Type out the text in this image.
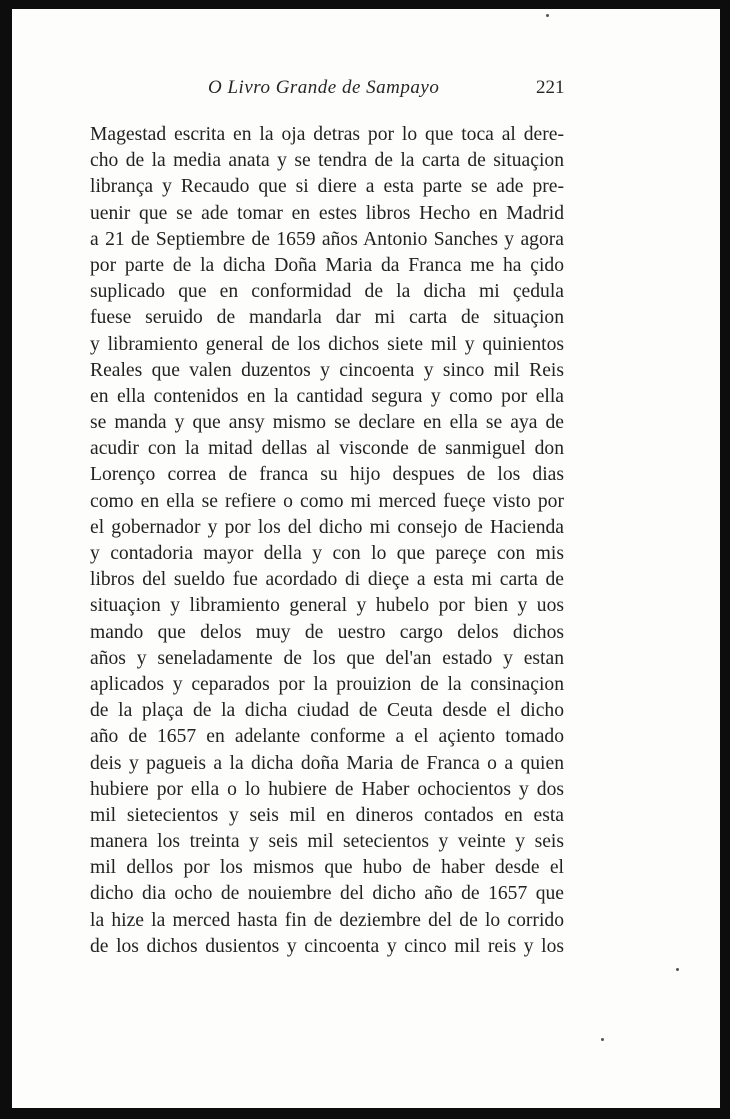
O Livro Grande de Sampayo	221
Magestad escrita en la oja detras por lo que toca al dere-
cho de la media anata y se tendra de la carta de situaçion
librança y Recaudo que si diere a esta parte se ade pre-
uenir que se ade tomar en estes libros Hecho en Madrid
a 21 de Septiembre de 1659 años Antonio Sanches y agora
por parte de la dicha Doña Maria da Franca me ha çido
suplicado que en conformidad de la dicha mi çedula
fuese seruido de mandarla dar mi carta de situaçion
y libramiento general de los dichos siete mil y quinientos
Reales que valen duzentos y cincoenta y sinco mil Reis
en ella contenidos en la cantidad segura y como por ella
se manda y que ansy mismo se declare en ella se aya de
acudir con la mitad dellas al visconde de sanmiguel don
Lorenço correa de franca su hijo despues de los dias
como en ella se refiere o como mi merced fueçe visto por
el gobernador y por los del dicho mi consejo de Hacienda
y contadoria mayor della y con lo que pareçe con mis
libros del sueldo fue acordado di dieçe a esta mi carta de
situaçion y libramiento general y hubelo por bien y uos
mando que delos muy de uestro cargo delos dichos
años y seneladamente de los que del'an estado y estan
aplicados y ceparados por la prouizion de la consinaçion
de la plaça de la dicha ciudad de Ceuta desde el dicho
año de 1657 en adelante conforme a el açiento tomado
deis y pagueis a la dicha doña Maria de Franca o a quien
hubiere por ella o lo hubiere de Haber ochocientos y dos
mil sietecientos y seis mil en dineros contados en esta
manera los treinta y seis mil setecientos y veinte y seis
mil dellos por los mismos que hubo de haber desde el
dicho dia ocho de nouiembre del dicho año de 1657 que
la hize la merced hasta fin de deziembre del de lo corrido
de los dichos dusientos y cincoenta y cinco mil reis y los
